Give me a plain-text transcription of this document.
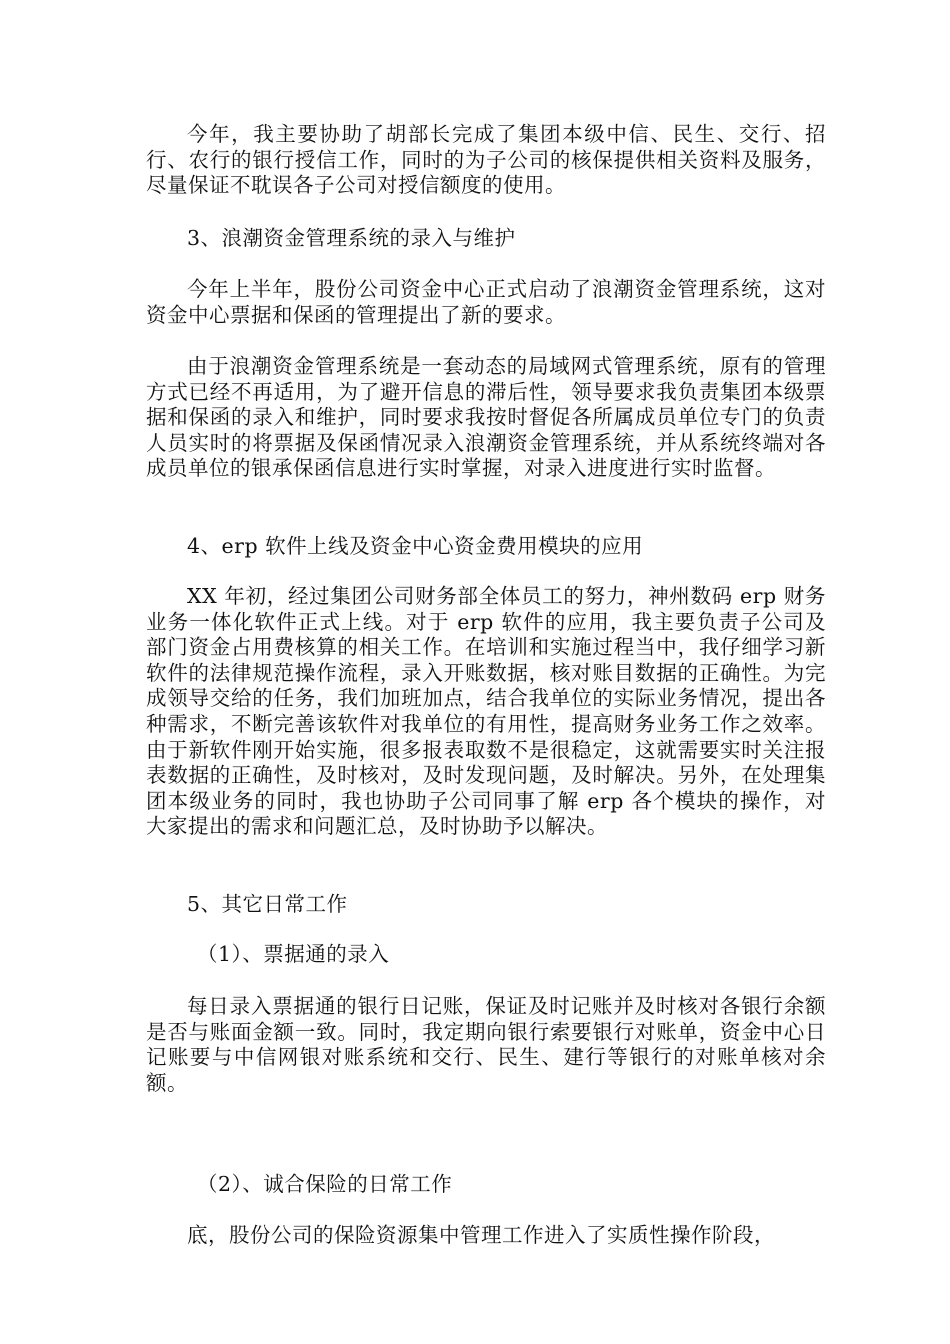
今年，我主要协助了胡部长完成了集团本级中信、民生、交行、招行、农行的银行授信工作，同时的为子公司的核保提供相关资料及服务，尽量保证不耽误各子公司对授信额度的使用。

3、浪潮资金管理系统的录入与维护

今年上半年，股份公司资金中心正式启动了浪潮资金管理系统，这对资金中心票据和保函的管理提出了新的要求。

由于浪潮资金管理系统是一套动态的局域网式管理系统，原有的管理方式已经不再适用，为了避开信息的滞后性，领导要求我负责集团本级票据和保函的录入和维护，同时要求我按时督促各所属成员单位专门的负责人员实时的将票据及保函情况录入浪潮资金管理系统，并从系统终端对各成员单位的银承保函信息进行实时掌握，对录入进度进行实时监督。

4、erp 软件上线及资金中心资金费用模块的应用

XX 年初，经过集团公司财务部全体员工的努力，神州数码 erp 财务业务一体化软件正式上线。对于 erp 软件的应用，我主要负责子公司及部门资金占用费核算的相关工作。在培训和实施过程当中，我仔细学习新软件的法律规范操作流程，录入开账数据，核对账目数据的正确性。为完成领导交给的任务，我们加班加点，结合我单位的实际业务情况，提出各种需求，不断完善该软件对我单位的有用性，提高财务业务工作之效率。由于新软件刚开始实施，很多报表取数不是很稳定，这就需要实时关注报表数据的正确性，及时核对，及时发现问题，及时解决。另外，在处理集团本级业务的同时，我也协助子公司同事了解 erp 各个模块的操作，对大家提出的需求和问题汇总，及时协助予以解决。

5、其它日常工作

（1）、票据通的录入

每日录入票据通的银行日记账，保证及时记账并及时核对各银行余额是否与账面金额一致。同时，我定期向银行索要银行对账单，资金中心日记账要与中信网银对账系统和交行、民生、建行等银行的对账单核对余额。

（2）、诚合保险的日常工作

底，股份公司的保险资源集中管理工作进入了实质性操作阶段，
